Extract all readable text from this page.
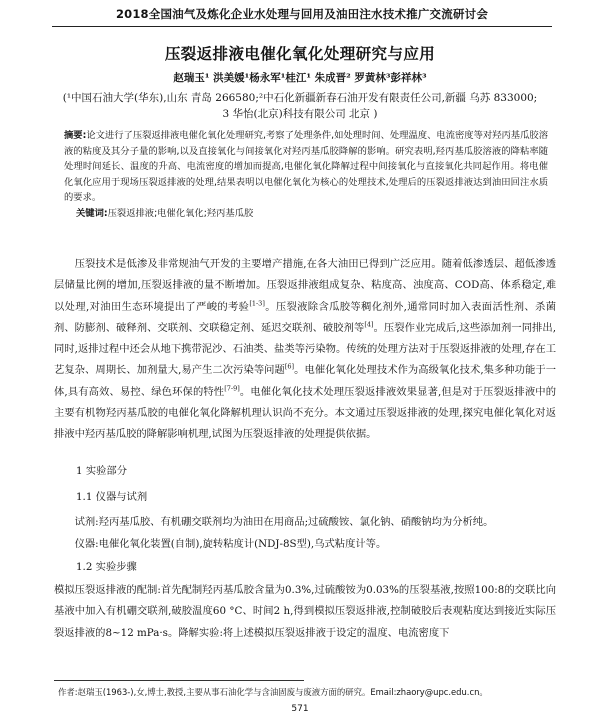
2018全国油气及炼化企业水处理与回用及油田注水技术推广交流研讨会
压裂返排液电催化氧化处理研究与应用
赵瑞玉¹ 洪美媛¹杨永军¹桂江¹ 朱成晋² 罗黄林³彭祥林³
(¹中国石油大学(华东),山东 青岛 266580;²中石化新疆新春石油开发有限责任公司,新疆 乌苏 833000;
3 华怡(北京)科技有限公司 北京 )
摘要:论文进行了压裂返排液电催化氧化处理研究,考察了处理条件,如处理时间、处理温度、电流密度等对羟丙基瓜胶溶液的粘度及其分子量的影响,以及直接氧化与间接氧化对羟丙基瓜胶降解的影响。研究表明,羟丙基瓜胶溶液的降粘率随处理时间延长、温度的升高、电流密度的增加而提高,电催化氧化降解过程中间接氧化与直接氧化共同起作用。将电催化氧化应用于现场压裂返排液的处理,结果表明以电催化氧化为核心的处理技术,处理后的压裂返排液达到油田回注水质的要求。
关键词:压裂返排液;电催化氧化;羟丙基瓜胶

压裂技术是低渗及非常规油气开发的主要增产措施,在各大油田已得到广泛应用。随着低渗透层、超低渗透层储量比例的增加,压裂返排液的量不断增加。压裂返排液组成复杂、粘度高、浊度高、COD高、体系稳定,难以处理,对油田生态环境提出了严峻的考验[1-3]。压裂液除含瓜胶等稠化剂外,通常同时加入表面活性剂、杀菌剂、防膨剂、破释剂、交联剂、交联稳定剂、延迟交联剂、破胶剂等[4]。压裂作业完成后,这些添加剂一同排出,同时,返排过程中还会从地下携带泥沙、石油类、盐类等污染物。传统的处理方法对于压裂返排液的处理,存在工艺复杂、周期长、加剂量大,易产生二次污染等问题[6]。电催化氧化处理技术作为高级氧化技术,集多种功能于一体,具有高效、易控、绿色环保的特性[7-9]。电催化氧化技术处理压裂返排液效果显著,但是对于压裂返排液中的主要有机物羟丙基瓜胶的电催化氧化降解机理认识尚不充分。本文通过压裂返排液的处理,探究电催化氧化对返排液中羟丙基瓜胶的降解影响机理,试图为压裂返排液的处理提供依据。

1 实验部分
1.1 仪器与试剂

试剂:羟丙基瓜胶、有机硼交联剂均为油田在用商品;过硫酸铵、氯化钠、硝酸钠均为分析纯。

仪器:电催化氧化装置(自制),旋转粘度计(NDJ-8S型),乌式粘度计等。

1.2 实验步骤

模拟压裂返排液的配制:首先配制羟丙基瓜胶含量为0.3%,过硫酸铵为0.03%的压裂基液,按照100:8的交联比向基液中加入有机硼交联剂,破胶温度60 °C、时间2 h,得到模拟压裂返排液,控制破胶后表观粘度达到接近实际压裂返排液的8~12 mPa·s。降解实验:将上述模拟压裂返排液于设定的温度、电流密度下

作者:赵瑞玉(1963-),女,博士,教授,主要从事石油化学与含油固废与废液方面的研究。Email:zhaory@upc.edu.cn。
571
